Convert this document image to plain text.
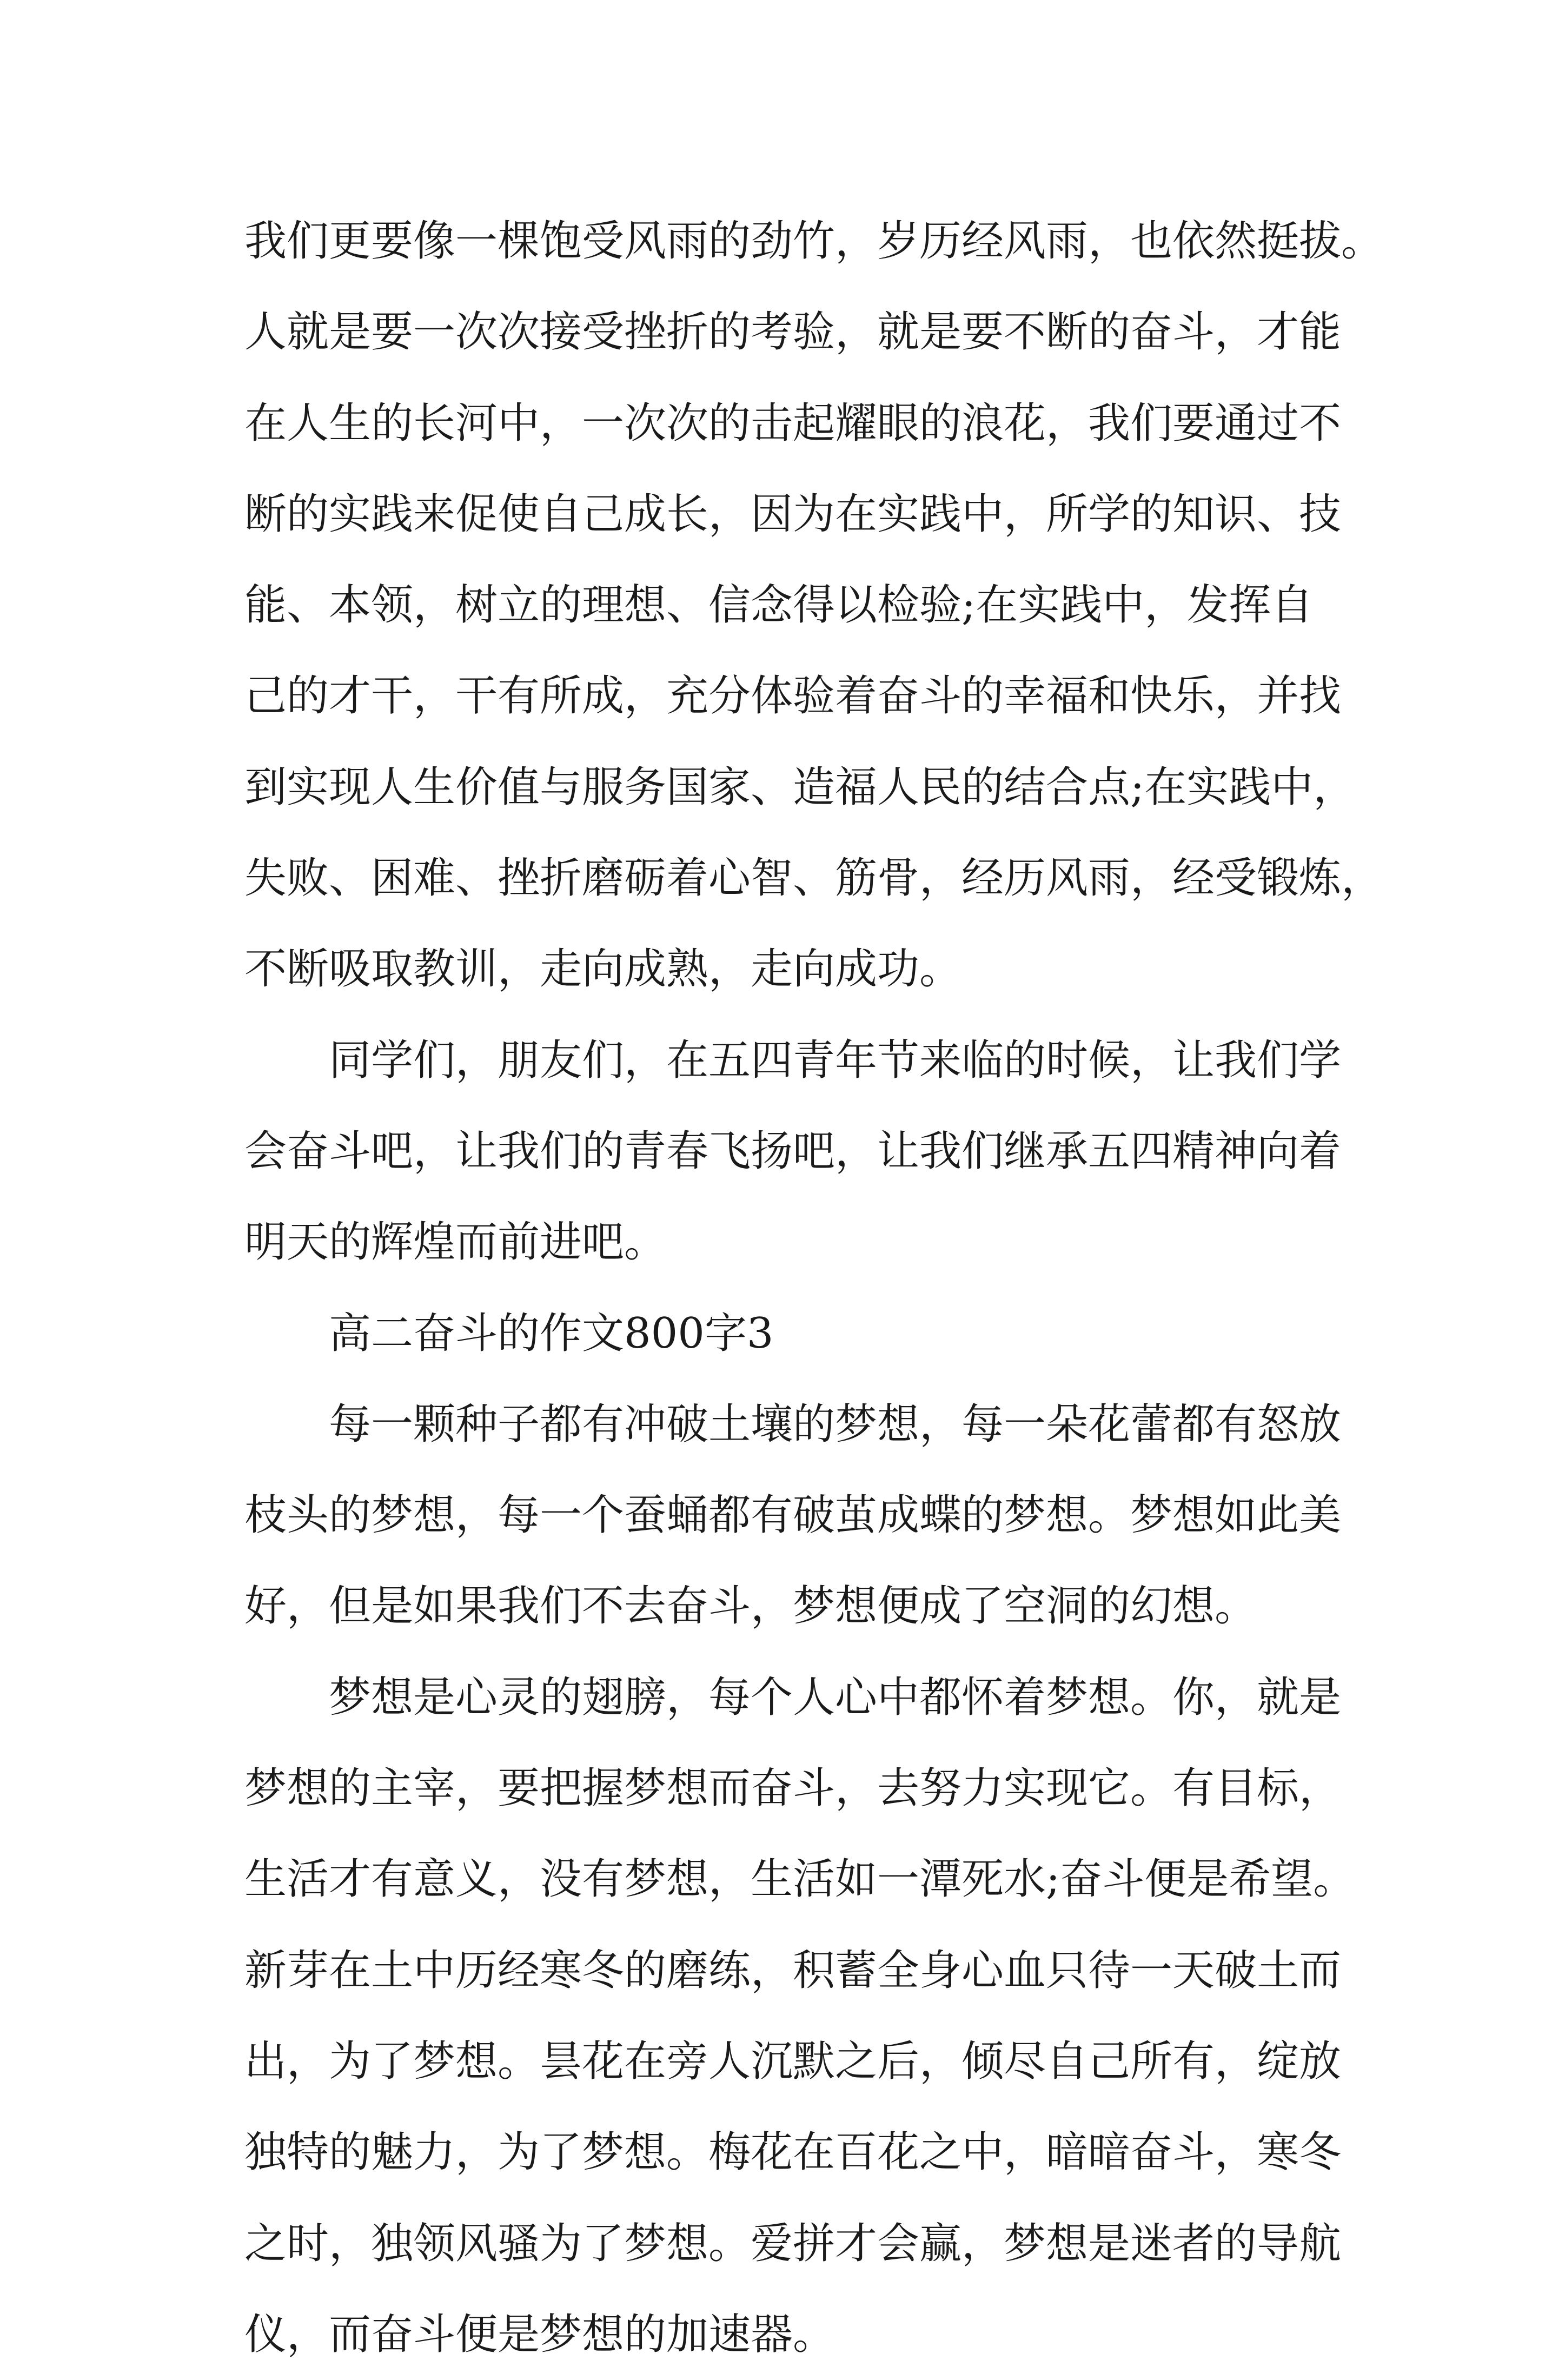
我们更要像一棵饱受风雨的劲竹，岁历经风雨，也依然挺拔。
人就是要一次次接受挫折的考验，就是要不断的奋斗，才能
在人生的长河中，一次次的击起耀眼的浪花，我们要通过不
断的实践来促使自己成长，因为在实践中，所学的知识、技
能、本领，树立的理想、信念得以检验;在实践中，发挥自
己的才干，干有所成，充分体验着奋斗的幸福和快乐，并找
到实现人生价值与服务国家、造福人民的结合点;在实践中，
失败、困难、挫折磨砺着心智、筋骨，经历风雨，经受锻炼，
不断吸取教训，走向成熟，走向成功。
同学们，朋友们，在五四青年节来临的时候，让我们学
会奋斗吧，让我们的青春飞扬吧，让我们继承五四精神向着
明天的辉煌而前进吧。
高二奋斗的作文800字3
每一颗种子都有冲破土壤的梦想，每一朵花蕾都有怒放
枝头的梦想，每一个蚕蛹都有破茧成蝶的梦想。梦想如此美
好，但是如果我们不去奋斗，梦想便成了空洞的幻想。
梦想是心灵的翅膀，每个人心中都怀着梦想。你，就是
梦想的主宰，要把握梦想而奋斗，去努力实现它。有目标，
生活才有意义，没有梦想，生活如一潭死水;奋斗便是希望。
新芽在土中历经寒冬的磨练，积蓄全身心血只待一天破土而
出，为了梦想。昙花在旁人沉默之后，倾尽自己所有，绽放
独特的魅力，为了梦想。梅花在百花之中，暗暗奋斗，寒冬
之时，独领风骚为了梦想。爱拼才会赢，梦想是迷者的导航
仪，而奋斗便是梦想的加速器。
